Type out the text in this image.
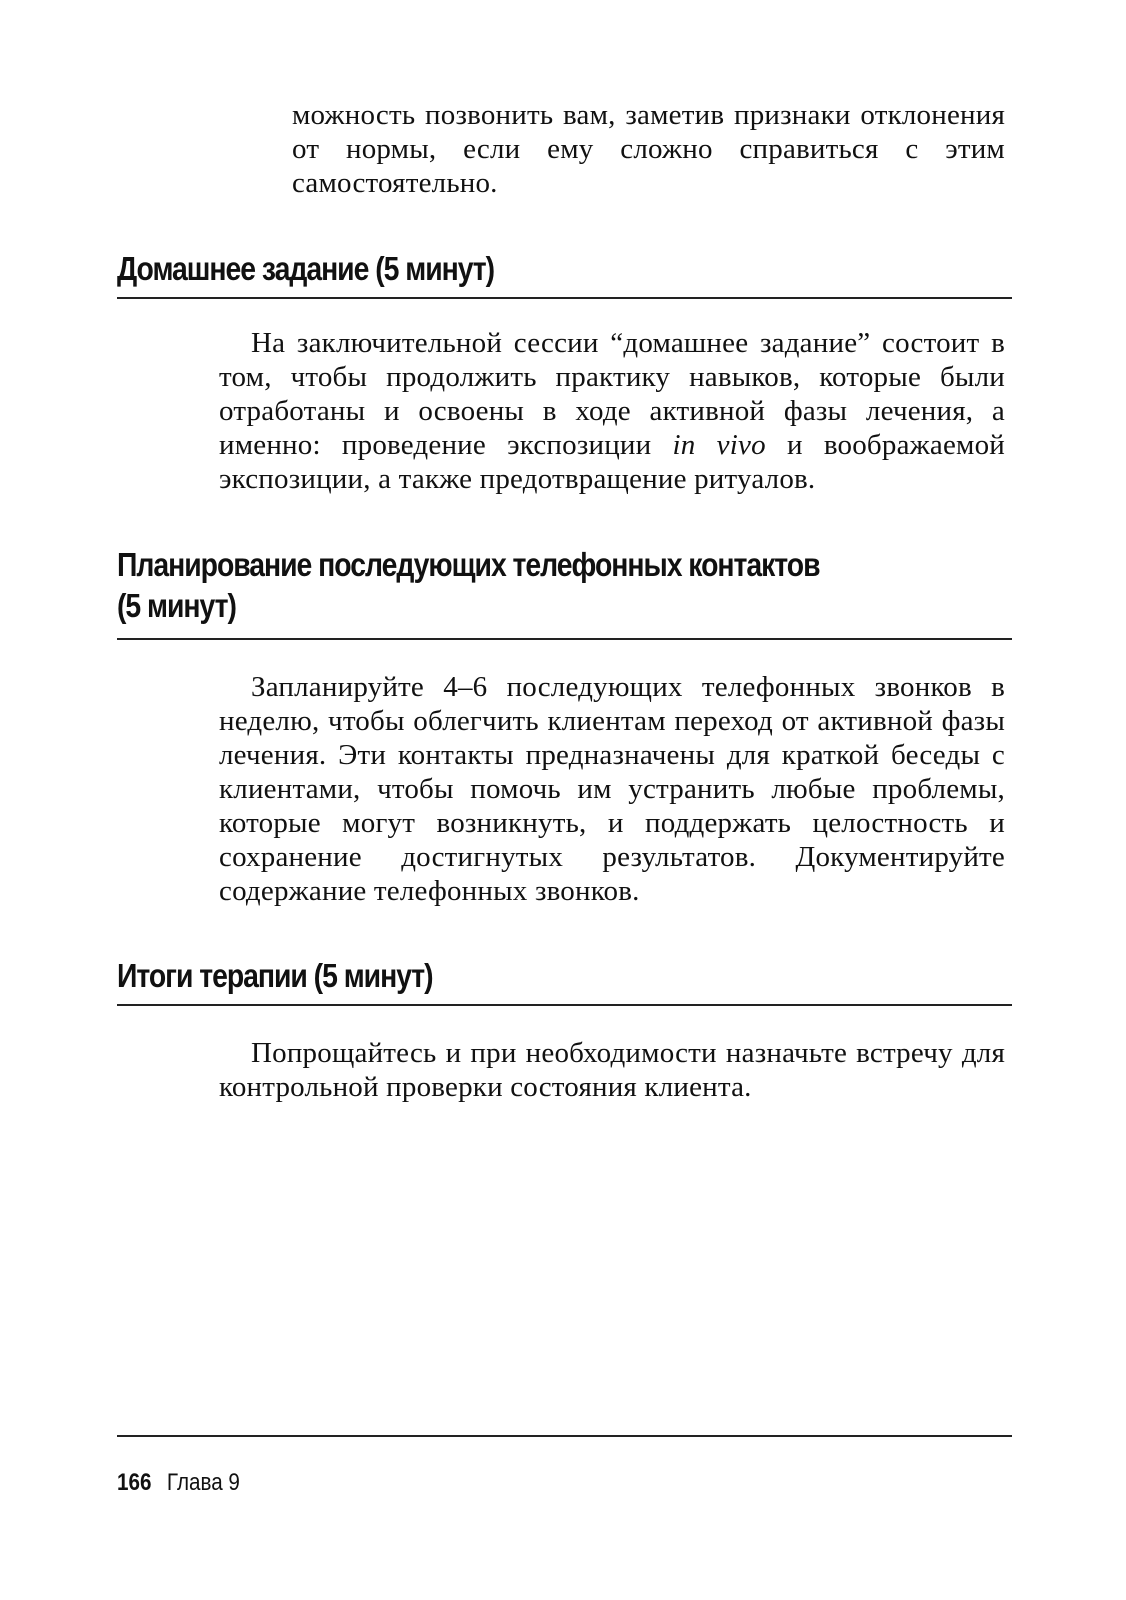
можность позвонить вам, заметив признаки отклонения от нормы, если ему сложно справиться с этим самостоятельно.

Домашнее задание (5 минут)

На заключительной сессии “домашнее задание” состоит в том, чтобы продолжить практику навыков, которые были отработаны и освоены в ходе активной фазы лечения, а именно: проведение экспозиции in vivo и воображаемой экспозиции, а также предотвращение ритуалов.

Планирование последующих телефонных контактов
(5 минут)

Запланируйте 4–6 последующих телефонных звонков в неделю, чтобы облегчить клиентам переход от активной фазы лечения. Эти контакты предназначены для краткой беседы с клиентами, чтобы помочь им устранить любые проблемы, которые могут возникнуть, и поддержать целостность и сохранение достигнутых результатов. Документируйте содержание телефонных звонков.

Итоги терапии (5 минут)

Попрощайтесь и при необходимости назначьте встречу для контрольной проверки состояния клиента.

166 Глава 9
